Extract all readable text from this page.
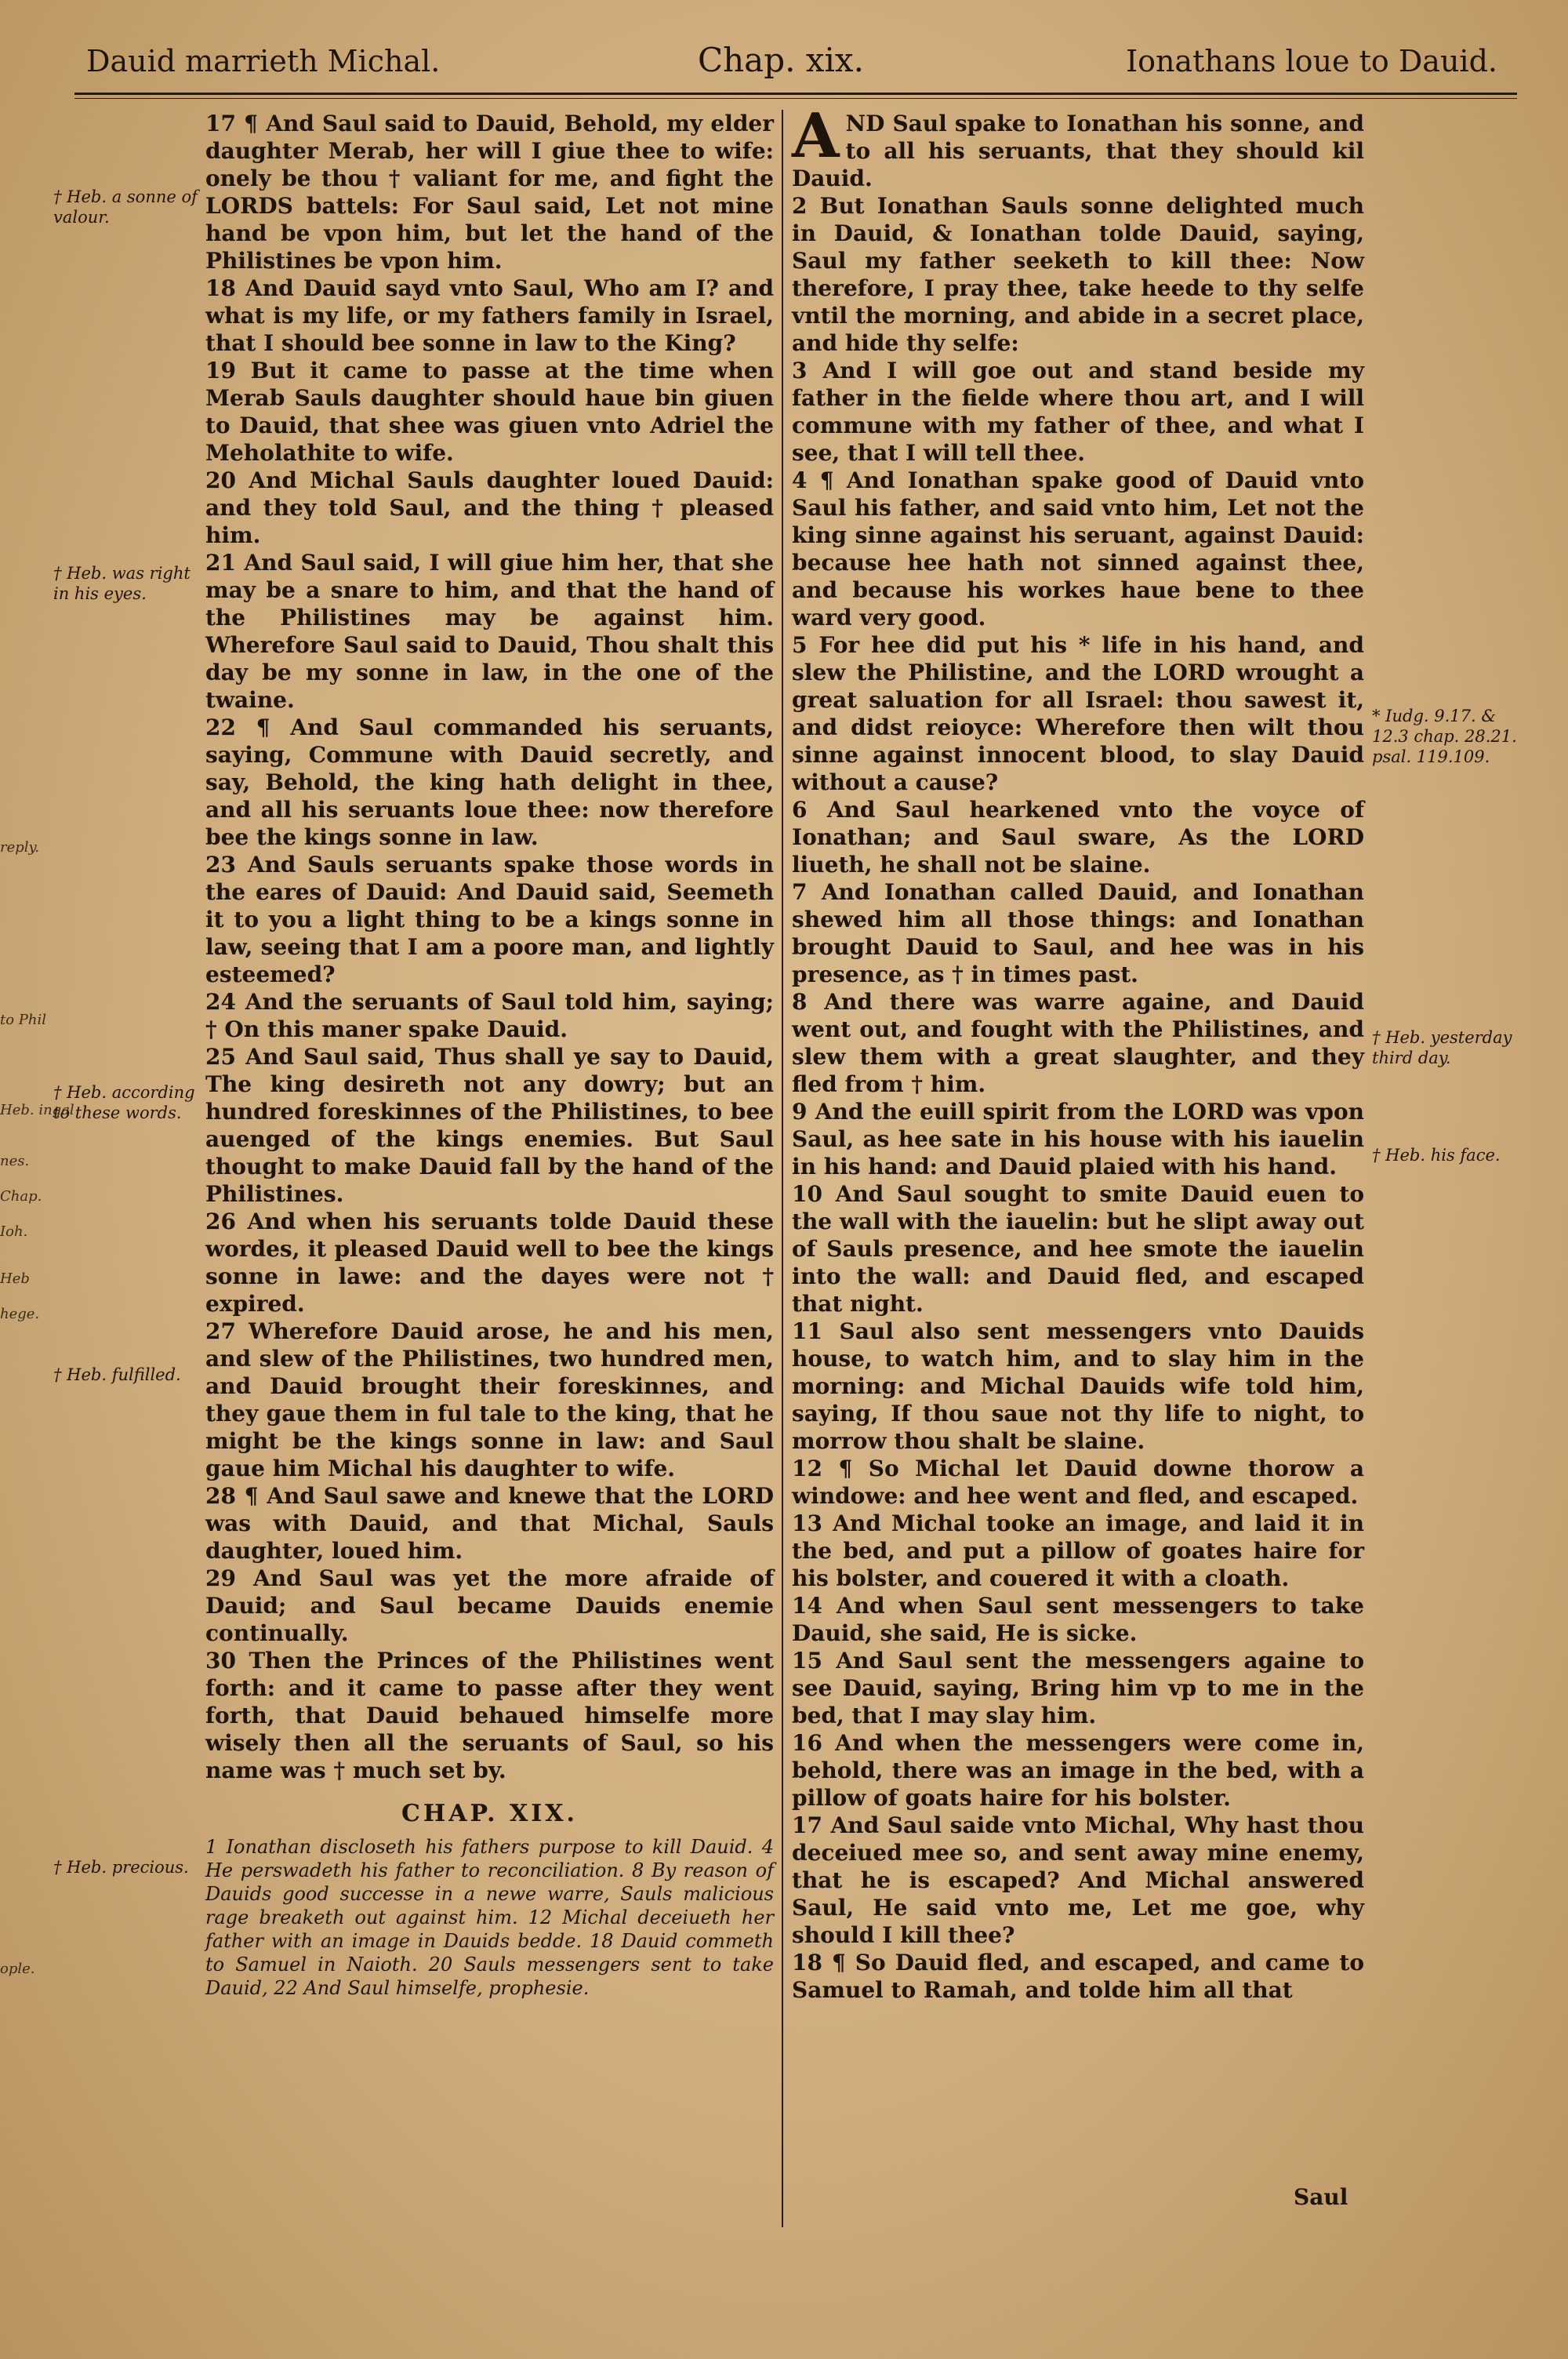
Dauid marrieth Michal.	Chap. xix.	Ionathans loue to Dauid.
† Heb. a sonne of valour.
† Heb. was right in his eyes.
† Heb. according to these words.
† Heb. fulfilled.
† Heb. precious.
* Iudg. 9.17. & 12.3 chap. 28.21. psal. 119.109.
† Heb. yesterday third day.
† Heb. his face.
reply.
to Phil
Heb. ingal
nes.
Chap.
Ioh.
Heb
hege.
ople.

17 ¶ And Saul said to Dauid, Behold, my elder daughter Merab, her will I giue thee to wife: onely be thou † valiant for me, and fight the LORDS battels: For Saul said, Let not mine hand be vpon him, but let the hand of the Philistines be vpon him.

18 And Dauid sayd vnto Saul, Who am I? and what is my life, or my fathers family in Israel, that I should bee sonne in law to the King?

19 But it came to passe at the time when Merab Sauls daughter should haue bin giuen to Dauid, that shee was giuen vnto Adriel the Meholathite to wife.

20 And Michal Sauls daughter loued Dauid: and they told Saul, and the thing † pleased him.

21 And Saul said, I will giue him her, that she may be a snare to him, and that the hand of the Philistines may be against him. Wherefore Saul said to Dauid, Thou shalt this day be my sonne in law, in the one of the twaine.

22 ¶ And Saul commanded his seruants, saying, Commune with Dauid secretly, and say, Behold, the king hath delight in thee, and all his seruants loue thee: now therefore bee the kings sonne in law.

23 And Sauls seruants spake those words in the eares of Dauid: And Dauid said, Seemeth it to you a light thing to be a kings sonne in law, seeing that I am a poore man, and lightly esteemed?

24 And the seruants of Saul told him, saying; † On this maner spake Dauid.

25 And Saul said, Thus shall ye say to Dauid, The king desireth not any dowry; but an hundred foreskinnes of the Philistines, to bee auenged of the kings enemies. But Saul thought to make Dauid fall by the hand of the Philistines.

26 And when his seruants tolde Dauid these wordes, it pleased Dauid well to bee the kings sonne in lawe: and the dayes were not † expired.

27 Wherefore Dauid arose, he and his men, and slew of the Philistines, two hundred men, and Dauid brought their foreskinnes, and they gaue them in ful tale to the king, that he might be the kings sonne in law: and Saul gaue him Michal his daughter to wife.

28 ¶ And Saul sawe and knewe that the LORD was with Dauid, and that Michal, Sauls daughter, loued him.

29 And Saul was yet the more afraide of Dauid; and Saul became Dauids enemie continually.

30 Then the Princes of the Philistines went forth: and it came to passe after they went forth, that Dauid behaued himselfe more wisely then all the seruants of Saul, so his name was † much set by.

CHAP. XIX.

1 Ionathan discloseth his fathers purpose to kill Dauid. 4 He perswadeth his father to reconciliation. 8 By reason of Dauids good successe in a newe warre, Sauls malicious rage breaketh out against him. 12 Michal deceiueth her father with an image in Dauids bedde. 18 Dauid commeth to Samuel in Naioth. 20 Sauls messengers sent to take Dauid, 22 And Saul himselfe, prophesie.

AND Saul spake to Ionathan his sonne, and to all his seruants, that they should kil Dauid.

2 But Ionathan Sauls sonne delighted much in Dauid, & Ionathan tolde Dauid, saying, Saul my father seeketh to kill thee: Now therefore, I pray thee, take heede to thy selfe vntil the morning, and abide in a secret place, and hide thy selfe:

3 And I will goe out and stand beside my father in the fielde where thou art, and I will commune with my father of thee, and what I see, that I will tell thee.

4 ¶ And Ionathan spake good of Dauid vnto Saul his father, and said vnto him, Let not the king sinne against his seruant, against Dauid: because hee hath not sinned against thee, and because his workes haue bene to thee ward very good.

5 For hee did put his * life in his hand, and slew the Philistine, and the LORD wrought a great saluation for all Israel: thou sawest it, and didst reioyce: Wherefore then wilt thou sinne against innocent blood, to slay Dauid without a cause?

6 And Saul hearkened vnto the voyce of Ionathan; and Saul sware, As the LORD liueth, he shall not be slaine.

7 And Ionathan called Dauid, and Ionathan shewed him all those things: and Ionathan brought Dauid to Saul, and hee was in his presence, as † in times past.

8 And there was warre againe, and Dauid went out, and fought with the Philistines, and slew them with a great slaughter, and they fled from † him.

9 And the euill spirit from the LORD was vpon Saul, as hee sate in his house with his iauelin in his hand: and Dauid plaied with his hand.

10 And Saul sought to smite Dauid euen to the wall with the iauelin: but he slipt away out of Sauls presence, and hee smote the iauelin into the wall: and Dauid fled, and escaped that night.

11 Saul also sent messengers vnto Dauids house, to watch him, and to slay him in the morning: and Michal Dauids wife told him, saying, If thou saue not thy life to night, to morrow thou shalt be slaine.

12 ¶ So Michal let Dauid downe thorow a windowe: and hee went and fled, and escaped.

13 And Michal tooke an image, and laid it in the bed, and put a pillow of goates haire for his bolster, and couered it with a cloath.

14 And when Saul sent messengers to take Dauid, she said, He is sicke.

15 And Saul sent the messengers againe to see Dauid, saying, Bring him vp to me in the bed, that I may slay him.

16 And when the messengers were come in, behold, there was an image in the bed, with a pillow of goats haire for his bolster.

17 And Saul saide vnto Michal, Why hast thou deceiued mee so, and sent away mine enemy, that he is escaped? And Michal answered Saul, He said vnto me, Let me goe, why should I kill thee?

18 ¶ So Dauid fled, and escaped, and came to Samuel to Ramah, and tolde him all that

Saul
